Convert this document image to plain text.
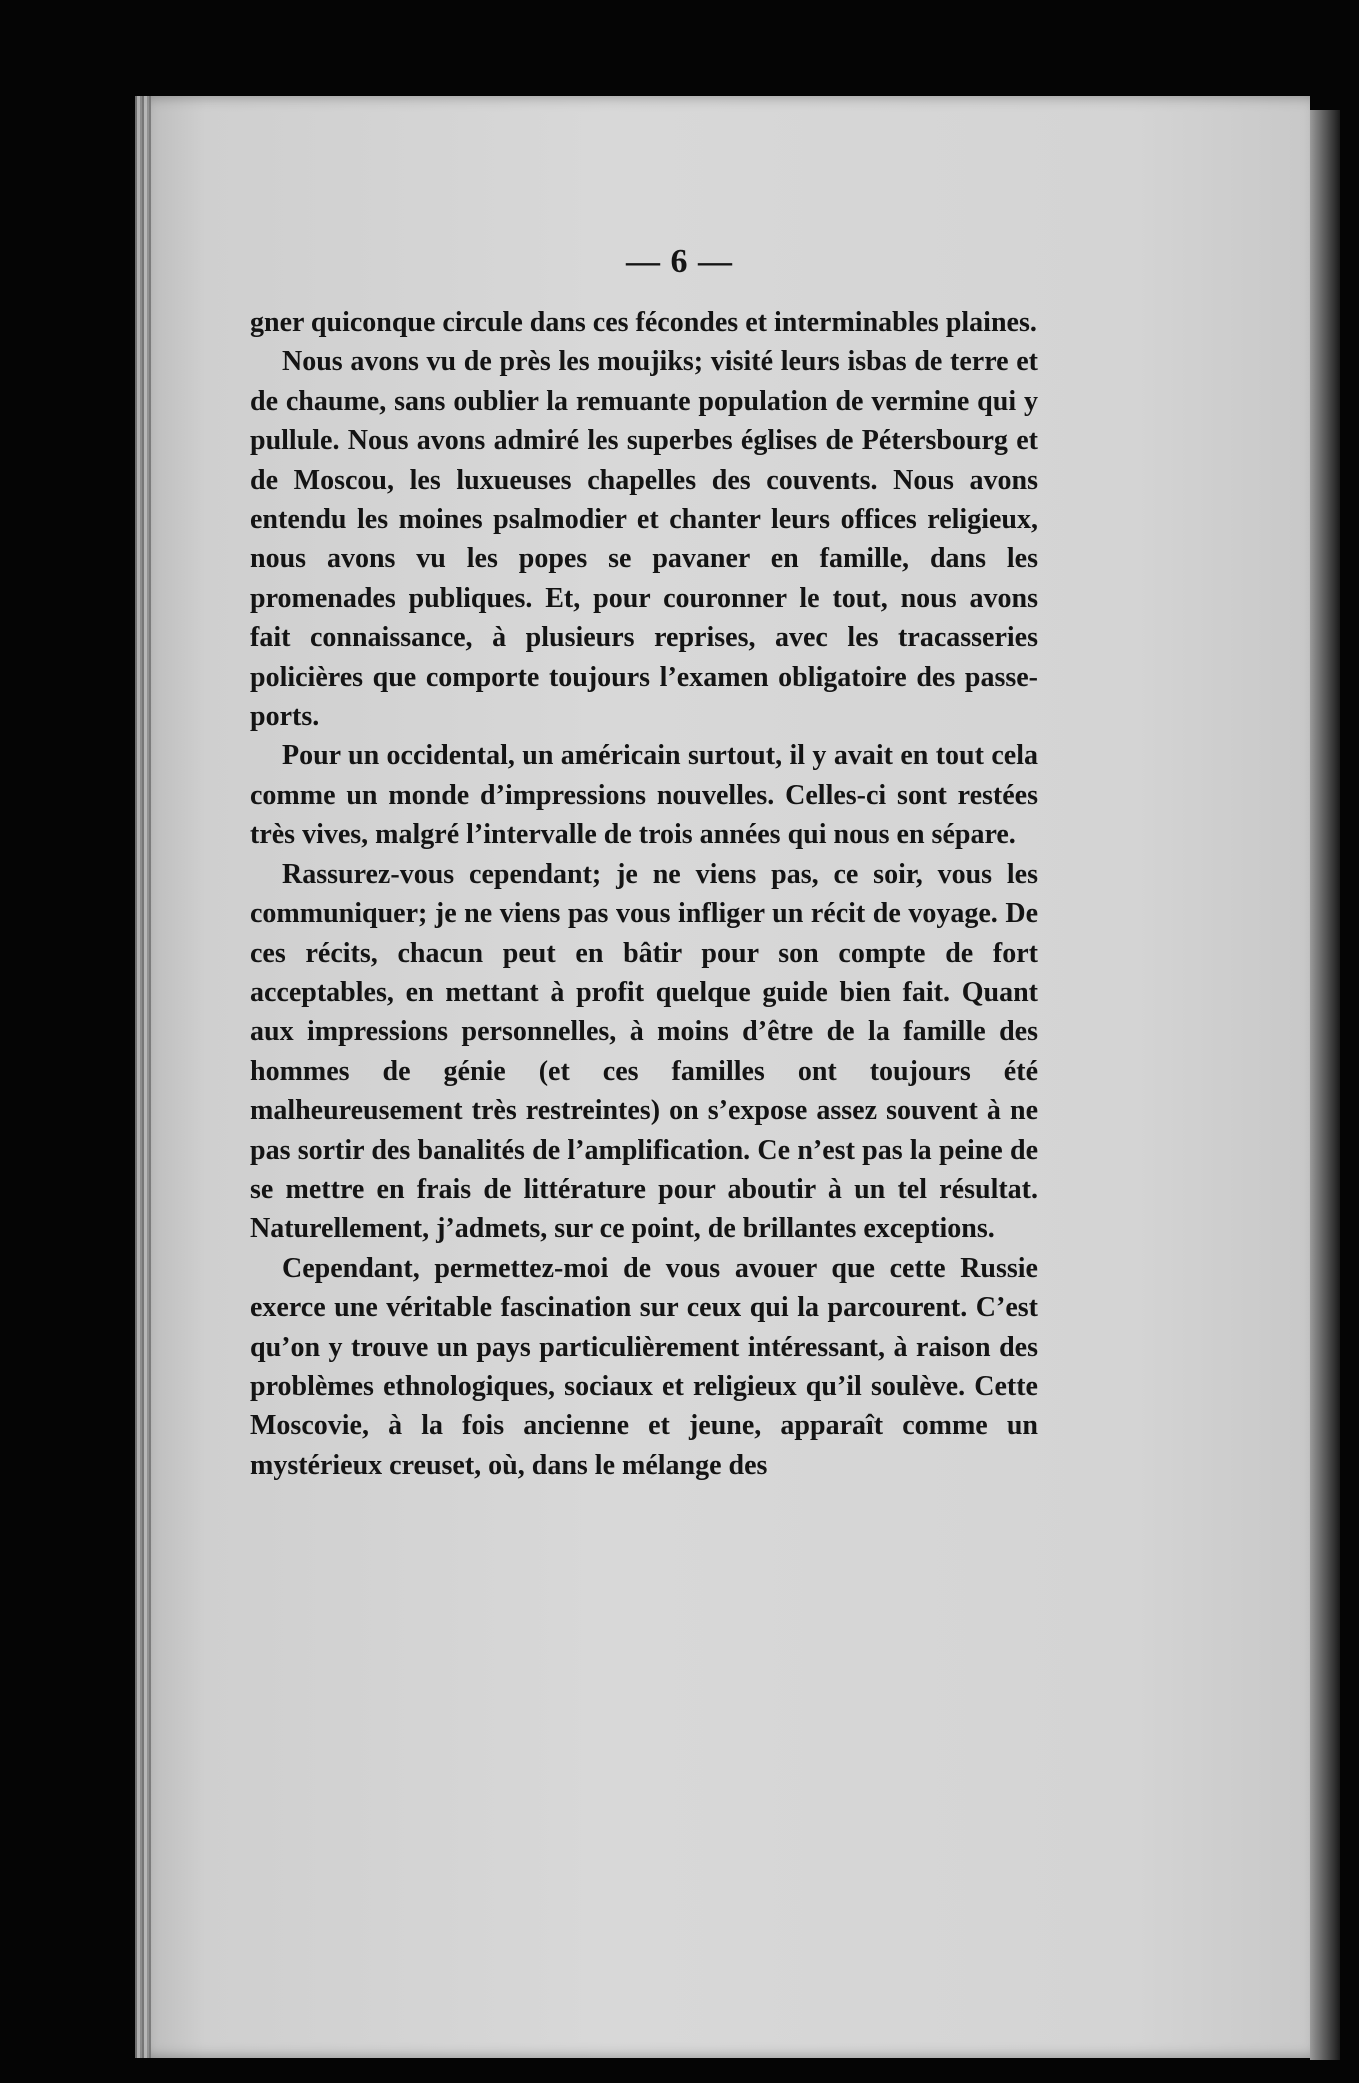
— 6 —

gner quiconque circule dans ces fécondes et interminables plaines.

Nous avons vu de près les moujiks; visité leurs isbas de terre et de chaume, sans oublier la remuante population de vermine qui y pullule. Nous avons admiré les superbes églises de Pétersbourg et de Moscou, les luxueuses chapelles des couvents. Nous avons entendu les moines psalmodier et chanter leurs offices religieux, nous avons vu les popes se pavaner en famille, dans les promenades publiques. Et, pour couronner le tout, nous avons fait connaissance, à plusieurs reprises, avec les tracasseries policières que comporte toujours l’examen obligatoire des passe-ports.

Pour un occidental, un américain surtout, il y avait en tout cela comme un monde d’impressions nouvelles. Celles-ci sont restées très vives, malgré l’intervalle de trois années qui nous en sépare.

Rassurez-vous cependant; je ne viens pas, ce soir, vous les communiquer; je ne viens pas vous infliger un récit de voyage. De ces récits, chacun peut en bâtir pour son compte de fort acceptables, en mettant à profit quelque guide bien fait. Quant aux impressions personnelles, à moins d’être de la famille des hommes de génie (et ces familles ont toujours été malheureusement très restreintes) on s’expose assez souvent à ne pas sortir des banalités de l’amplification. Ce n’est pas la peine de se mettre en frais de littérature pour aboutir à un tel résultat. Naturellement, j’admets, sur ce point, de brillantes exceptions.

Cependant, permettez-moi de vous avouer que cette Russie exerce une véritable fascination sur ceux qui la parcourent. C’est qu’on y trouve un pays particulièrement intéressant, à raison des problèmes ethnologiques, sociaux et religieux qu’il soulève. Cette Moscovie, à la fois ancienne et jeune, apparaît comme un mystérieux creuset, où, dans le mélange des
